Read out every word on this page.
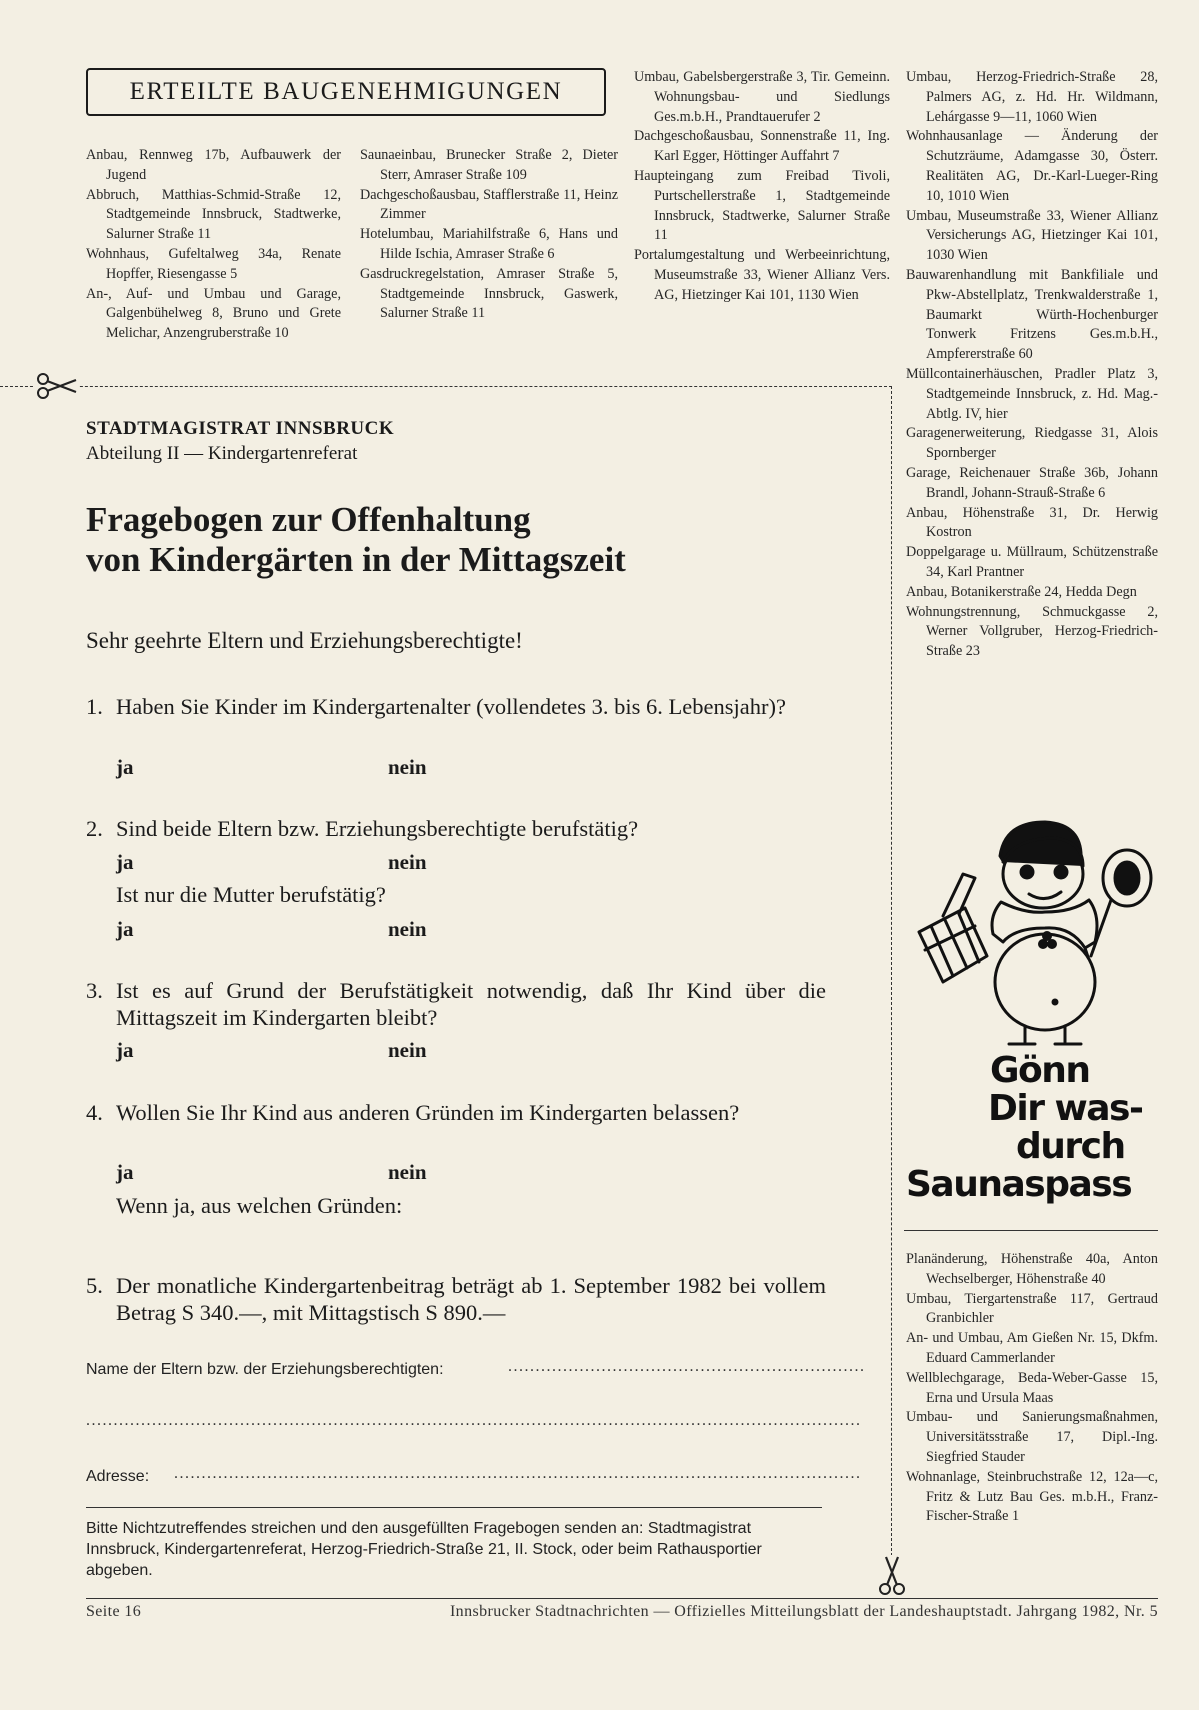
ERTEILTE BAUGENEHMIGUNGEN
Anbau, Rennweg 17b, Aufbauwerk der Jugend
Abbruch, Matthias-Schmid-Straße 12, Stadtgemeinde Innsbruck, Stadtwerke, Salurner Straße 11
Wohnhaus, Gufeltalweg 34a, Renate Hopffer, Riesengasse 5
An-, Auf- und Umbau und Garage, Galgenbühelweg 8, Bruno und Grete Melichar, Anzengruberstraße 10
Saunaeinbau, Brunecker Straße 2, Dieter Sterr, Amraser Straße 109
Dachgeschoßausbau, Stafflerstraße 11, Heinz Zimmer
Hotelumbau, Mariahilfstraße 6, Hans und Hilde Ischia, Amraser Straße 6
Gasdruckregelstation, Amraser Straße 5, Stadtgemeinde Innsbruck, Gaswerk, Salurner Straße 11
Umbau, Gabelsbergerstraße 3, Tir. Gemeinn. Wohnungsbau- und Siedlungs Ges.m.b.H., Prandtauerufer 2
Dachgeschoßausbau, Sonnenstraße 11, Ing. Karl Egger, Höttinger Auffahrt 7
Haupteingang zum Freibad Tivoli, Purtschellerstraße 1, Stadtgemeinde Innsbruck, Stadtwerke, Salurner Straße 11
Portalumgestaltung und Werbeeinrichtung, Museumstraße 33, Wiener Allianz Vers. AG, Hietzinger Kai 101, 1130 Wien
Umbau, Herzog-Friedrich-Straße 28, Palmers AG, z. Hd. Hr. Wildmann, Lehárgasse 9—11, 1060 Wien
Wohnhausanlage — Änderung der Schutzräume, Adamgasse 30, Österr. Realitäten AG, Dr.-Karl-Lueger-Ring 10, 1010 Wien
Umbau, Museumstraße 33, Wiener Allianz Versicherungs AG, Hietzinger Kai 101, 1030 Wien
Bauwarenhandlung mit Bankfiliale und Pkw-Abstellplatz, Trenkwalderstraße 1, Baumarkt Würth-Hochenburger Tonwerk Fritzens Ges.m.b.H., Ampfererstraße 60
Müllcontainerhäuschen, Pradler Platz 3, Stadtgemeinde Innsbruck, z. Hd. Mag.-Abtlg. IV, hier
Garagenerweiterung, Riedgasse 31, Alois Spornberger
Garage, Reichenauer Straße 36b, Johann Brandl, Johann-Strauß-Straße 6
Anbau, Höhenstraße 31, Dr. Herwig Kostron
Doppelgarage u. Müllraum, Schützenstraße 34, Karl Prantner
Anbau, Botanikerstraße 24, Hedda Degn
Wohnungstrennung, Schmuckgasse 2, Werner Vollgruber, Herzog-Friedrich-Straße 23
STADTMAGISTRAT INNSBRUCK
Abteilung II — Kindergartenreferat
Fragebogen zur Offenhaltung
von Kindergärten in der Mittagszeit
Sehr geehrte Eltern und Erziehungsberechtigte!
1. Haben Sie Kinder im Kindergartenalter (vollendetes 3. bis 6. Lebensjahr)?
ja	nein
2. Sind beide Eltern bzw. Erziehungsberechtigte berufstätig?
ja	nein
Ist nur die Mutter berufstätig?
ja	nein
3. Ist es auf Grund der Berufstätigkeit notwendig, daß Ihr Kind über die Mittagszeit im Kindergarten bleibt?
ja	nein
4. Wollen Sie Ihr Kind aus anderen Gründen im Kindergarten belassen?
ja	nein
Wenn ja, aus welchen Gründen:
5. Der monatliche Kindergartenbeitrag beträgt ab 1. September 1982 bei vollem Betrag S 340.—, mit Mittagstisch S 890.—
Name der Eltern bzw. der Erziehungsberechtigten:	.................................................................
.............................................................................................................................................
Adresse: .............................................................................................................................
Bitte Nichtzutreffendes streichen und den ausgefüllten Fragebogen senden an: Stadtmagistrat Innsbruck, Kindergartenreferat, Herzog-Friedrich-Straße 21, II. Stock, oder beim Rathausportier abgeben.
Gönn
Dir was-
durch
Saunaspass
Planänderung, Höhenstraße 40a, Anton Wechselberger, Höhenstraße 40
Umbau, Tiergartenstraße 117, Gertraud Granbichler
An- und Umbau, Am Gießen Nr. 15, Dkfm. Eduard Cammerlander
Wellblechgarage, Beda-Weber-Gasse 15, Erna und Ursula Maas
Umbau- und Sanierungsmaßnahmen, Universitätsstraße 17, Dipl.-Ing. Siegfried Stauder
Wohnanlage, Steinbruchstraße 12, 12a—c, Fritz & Lutz Bau Ges. m.b.H., Franz-Fischer-Straße 1
Seite 16	Innsbrucker Stadtnachrichten — Offizielles Mitteilungsblatt der Landeshauptstadt. Jahrgang 1982, Nr. 5
